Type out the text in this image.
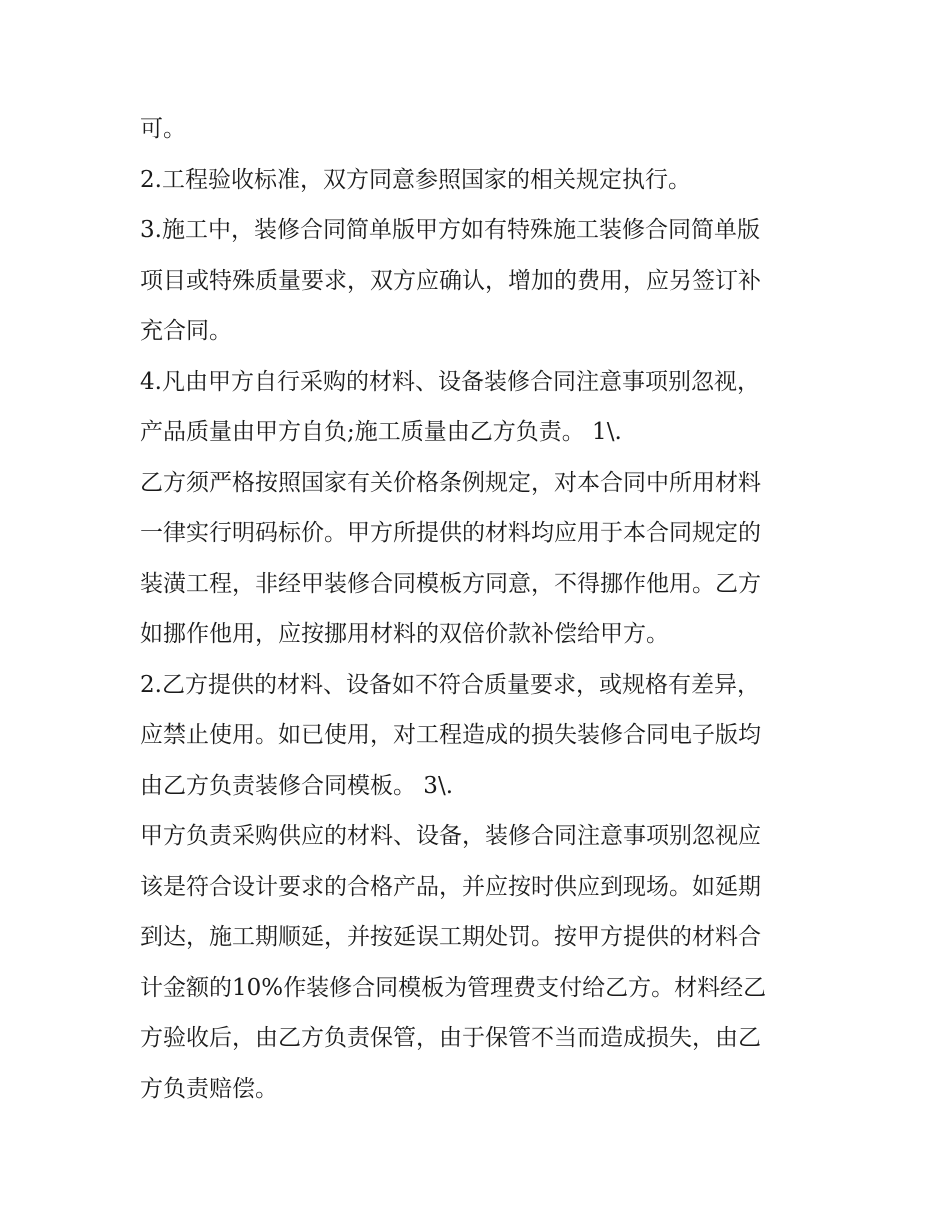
可。
2.工程验收标准，双方同意参照国家的相关规定执行。
3.施工中，装修合同简单版甲方如有特殊施工装修合同简单版
项目或特殊质量要求，双方应确认，增加的费用，应另签订补
充合同。
4.凡由甲方自行采购的材料、设备装修合同注意事项别忽视，
产品质量由甲方自负;施工质量由乙方负责。 1\.
乙方须严格按照国家有关价格条例规定，对本合同中所用材料
一律实行明码标价。甲方所提供的材料均应用于本合同规定的
装潢工程，非经甲装修合同模板方同意，不得挪作他用。乙方
如挪作他用，应按挪用材料的双倍价款补偿给甲方。
2.乙方提供的材料、设备如不符合质量要求，或规格有差异，
应禁止使用。如已使用，对工程造成的损失装修合同电子版均
由乙方负责装修合同模板。 3\.
甲方负责采购供应的材料、设备，装修合同注意事项别忽视应
该是符合设计要求的合格产品，并应按时供应到现场。如延期
到达，施工期顺延，并按延误工期处罚。按甲方提供的材料合
计金额的10%作装修合同模板为管理费支付给乙方。材料经乙
方验收后，由乙方负责保管，由于保管不当而造成损失，由乙
方负责赔偿。
